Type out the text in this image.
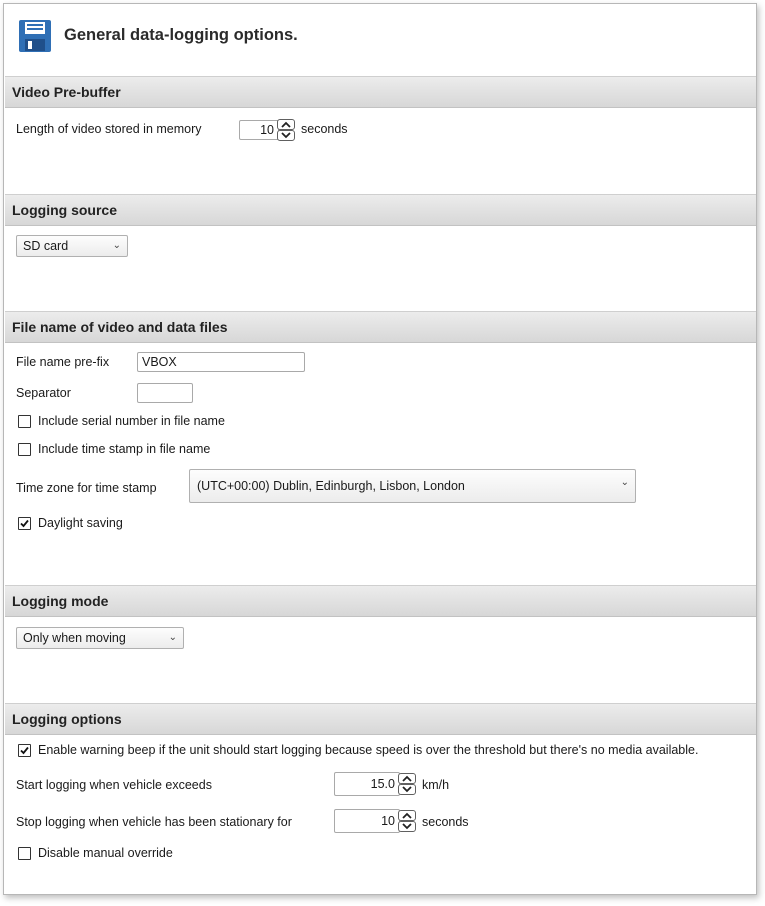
General data-logging options.
Video Pre-buffer
Length of video stored in memory	10	seconds
Logging source
SD card	⌄
File name of video and data files
File name pre-fix	VBOX
Separator
Include serial number in file name
Include time stamp in file name
Time zone for time stamp	(UTC+00:00) Dublin, Edinburgh, Lisbon, London	⌄
Daylight saving
Logging mode
Only when moving	⌄
Logging options
Enable warning beep if the unit should start logging because speed is over the threshold but there's no media available.
Start logging when vehicle exceeds	15.0	km/h
Stop logging when vehicle has been stationary for	10	seconds
Disable manual override
